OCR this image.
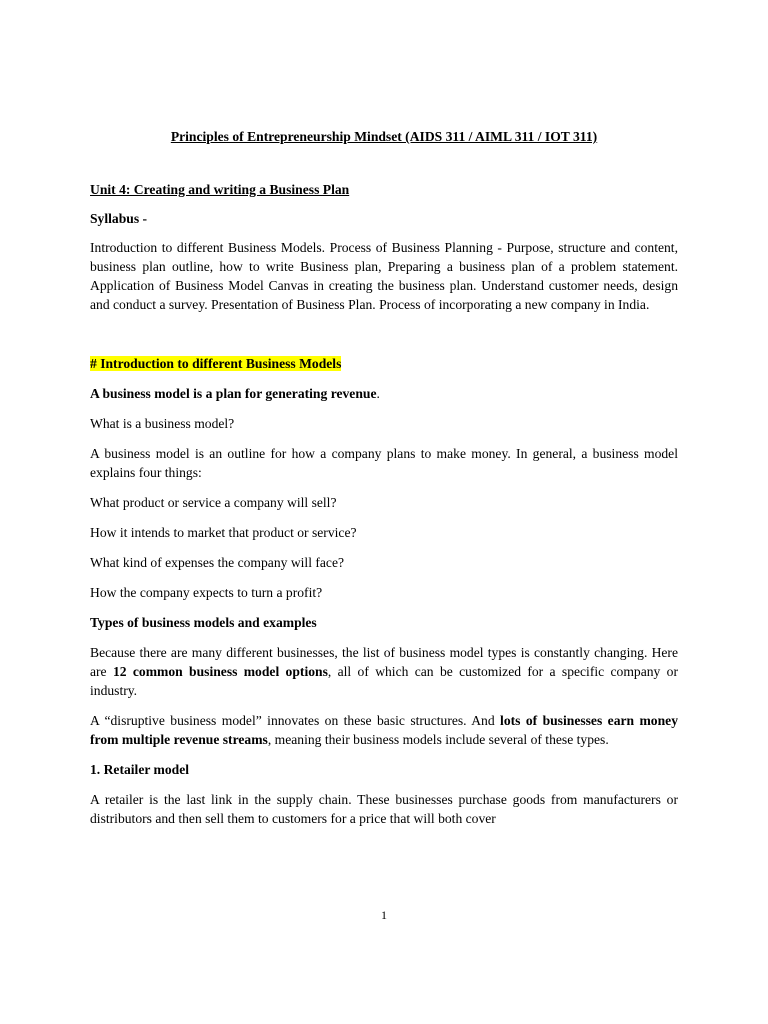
Principles of Entrepreneurship Mindset (AIDS 311 / AIML 311 / IOT 311)

Unit 4: Creating and writing a Business Plan

Syllabus -

Introduction to different Business Models. Process of Business Planning - Purpose, structure and content, business plan outline, how to write Business plan, Preparing a business plan of a problem statement. Application of Business Model Canvas in creating the business plan. Understand customer needs, design and conduct a survey. Presentation of Business Plan. Process of incorporating a new company in India.

# Introduction to different Business Models

A business model is a plan for generating revenue.

What is a business model?

A business model is an outline for how a company plans to make money. In general, a business model explains four things:

What product or service a company will sell?

How it intends to market that product or service?

What kind of expenses the company will face?

How the company expects to turn a profit?

Types of business models and examples

Because there are many different businesses, the list of business model types is constantly changing. Here are 12 common business model options, all of which can be customized for a specific company or industry.

A “disruptive business model” innovates on these basic structures. And lots of businesses earn money from multiple revenue streams, meaning their business models include several of these types.

1. Retailer model

A retailer is the last link in the supply chain. These businesses purchase goods from manufacturers or distributors and then sell them to customers for a price that will both cover

1
